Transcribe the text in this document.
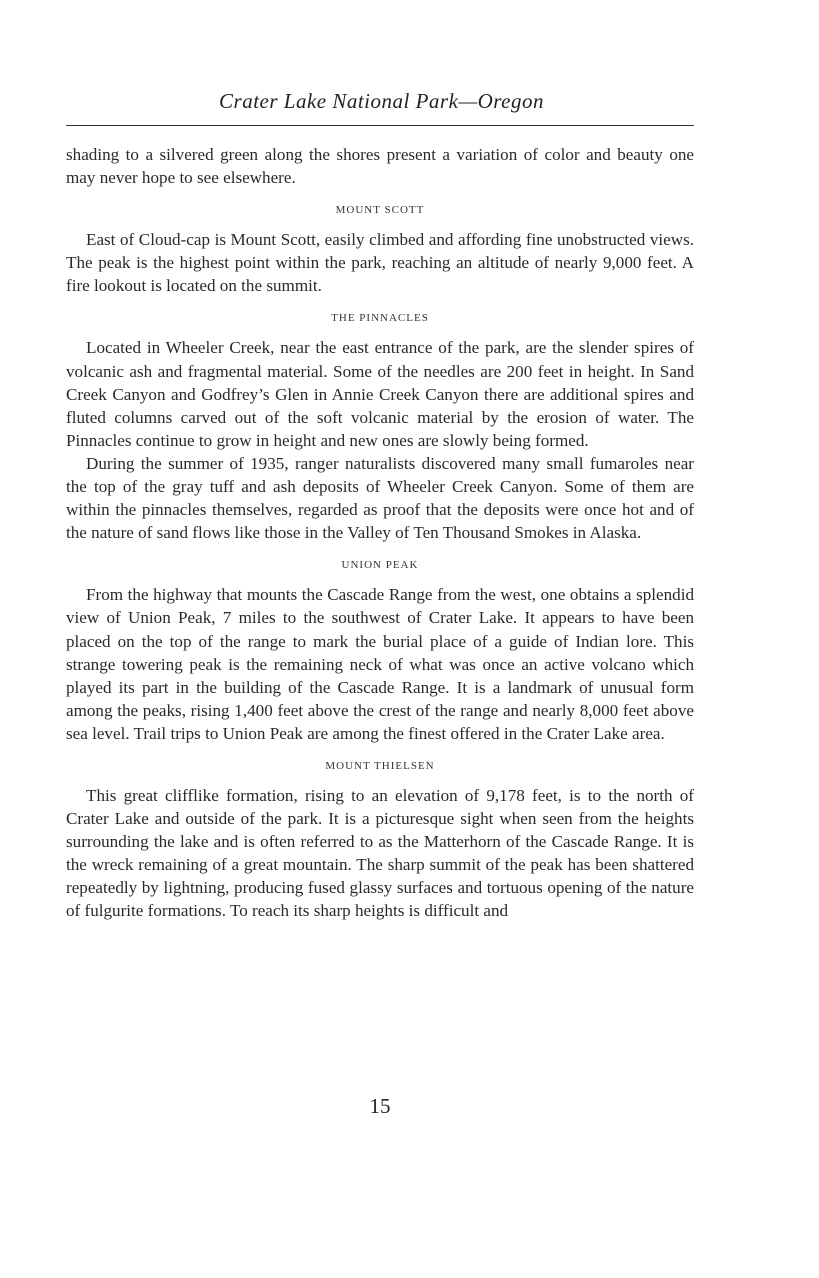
Crater Lake National Park—Oregon

shading to a silvered green along the shores present a variation of color and beauty one may never hope to see elsewhere.

MOUNT SCOTT

East of Cloud-cap is Mount Scott, easily climbed and affording fine unobstructed views. The peak is the highest point within the park, reaching an altitude of nearly 9,000 feet. A fire lookout is located on the summit.

THE PINNACLES

Located in Wheeler Creek, near the east entrance of the park, are the slender spires of volcanic ash and fragmental material. Some of the needles are 200 feet in height. In Sand Creek Canyon and Godfrey’s Glen in Annie Creek Canyon there are additional spires and fluted columns carved out of the soft volcanic material by the erosion of water. The Pinnacles continue to grow in height and new ones are slowly being formed.

During the summer of 1935, ranger naturalists discovered many small fumaroles near the top of the gray tuff and ash deposits of Wheeler Creek Canyon. Some of them are within the pinnacles themselves, regarded as proof that the deposits were once hot and of the nature of sand flows like those in the Valley of Ten Thousand Smokes in Alaska.

UNION PEAK

From the highway that mounts the Cascade Range from the west, one obtains a splendid view of Union Peak, 7 miles to the southwest of Crater Lake. It appears to have been placed on the top of the range to mark the burial place of a guide of Indian lore. This strange towering peak is the remaining neck of what was once an active volcano which played its part in the building of the Cascade Range. It is a landmark of unusual form among the peaks, rising 1,400 feet above the crest of the range and nearly 8,000 feet above sea level. Trail trips to Union Peak are among the finest offered in the Crater Lake area.

MOUNT THIELSEN

This great clifflike formation, rising to an elevation of 9,178 feet, is to the north of Crater Lake and outside of the park. It is a picturesque sight when seen from the heights surrounding the lake and is often referred to as the Matterhorn of the Cascade Range. It is the wreck remaining of a great mountain. The sharp summit of the peak has been shattered repeatedly by lightning, producing fused glassy surfaces and tortuous opening of the nature of fulgurite formations. To reach its sharp heights is difficult and

15
